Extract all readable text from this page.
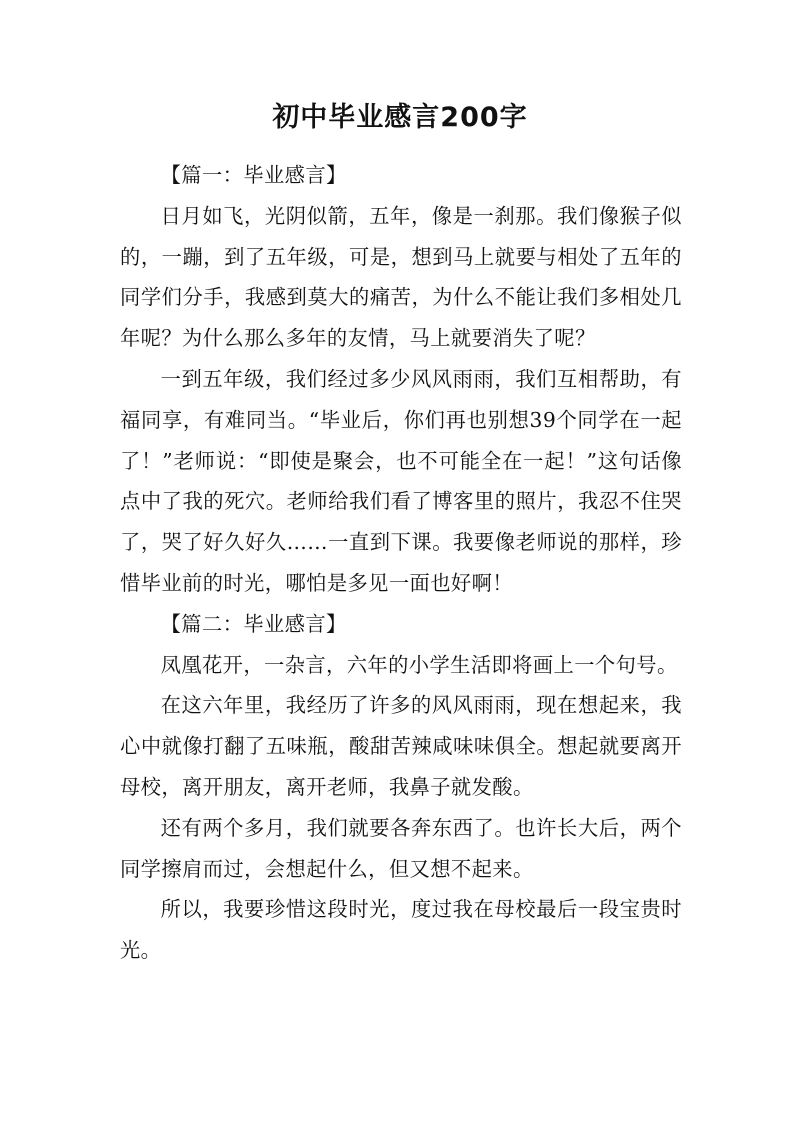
初中毕业感言200字
【篇一：毕业感言】

日月如飞，光阴似箭，五年，像是一刹那。我们像猴子似的，一蹦，到了五年级，可是，想到马上就要与相处了五年的同学们分手，我感到莫大的痛苦，为什么不能让我们多相处几年呢？为什么那么多年的友情，马上就要消失了呢？

一到五年级，我们经过多少风风雨雨，我们互相帮助，有福同享，有难同当。“毕业后，你们再也别想39个同学在一起了！”老师说：“即使是聚会，也不可能全在一起！”这句话像点中了我的死穴。老师给我们看了博客里的照片，我忍不住哭了，哭了好久好久……一直到下课。我要像老师说的那样，珍惜毕业前的时光，哪怕是多见一面也好啊！

【篇二：毕业感言】

凤凰花开，一杂言，六年的小学生活即将画上一个句号。

在这六年里，我经历了许多的风风雨雨，现在想起来，我心中就像打翻了五味瓶，酸甜苦辣咸味味俱全。想起就要离开母校，离开朋友，离开老师，我鼻子就发酸。

还有两个多月，我们就要各奔东西了。也许长大后，两个同学擦肩而过，会想起什么，但又想不起来。

所以，我要珍惜这段时光，度过我在母校最后一段宝贵时光。
